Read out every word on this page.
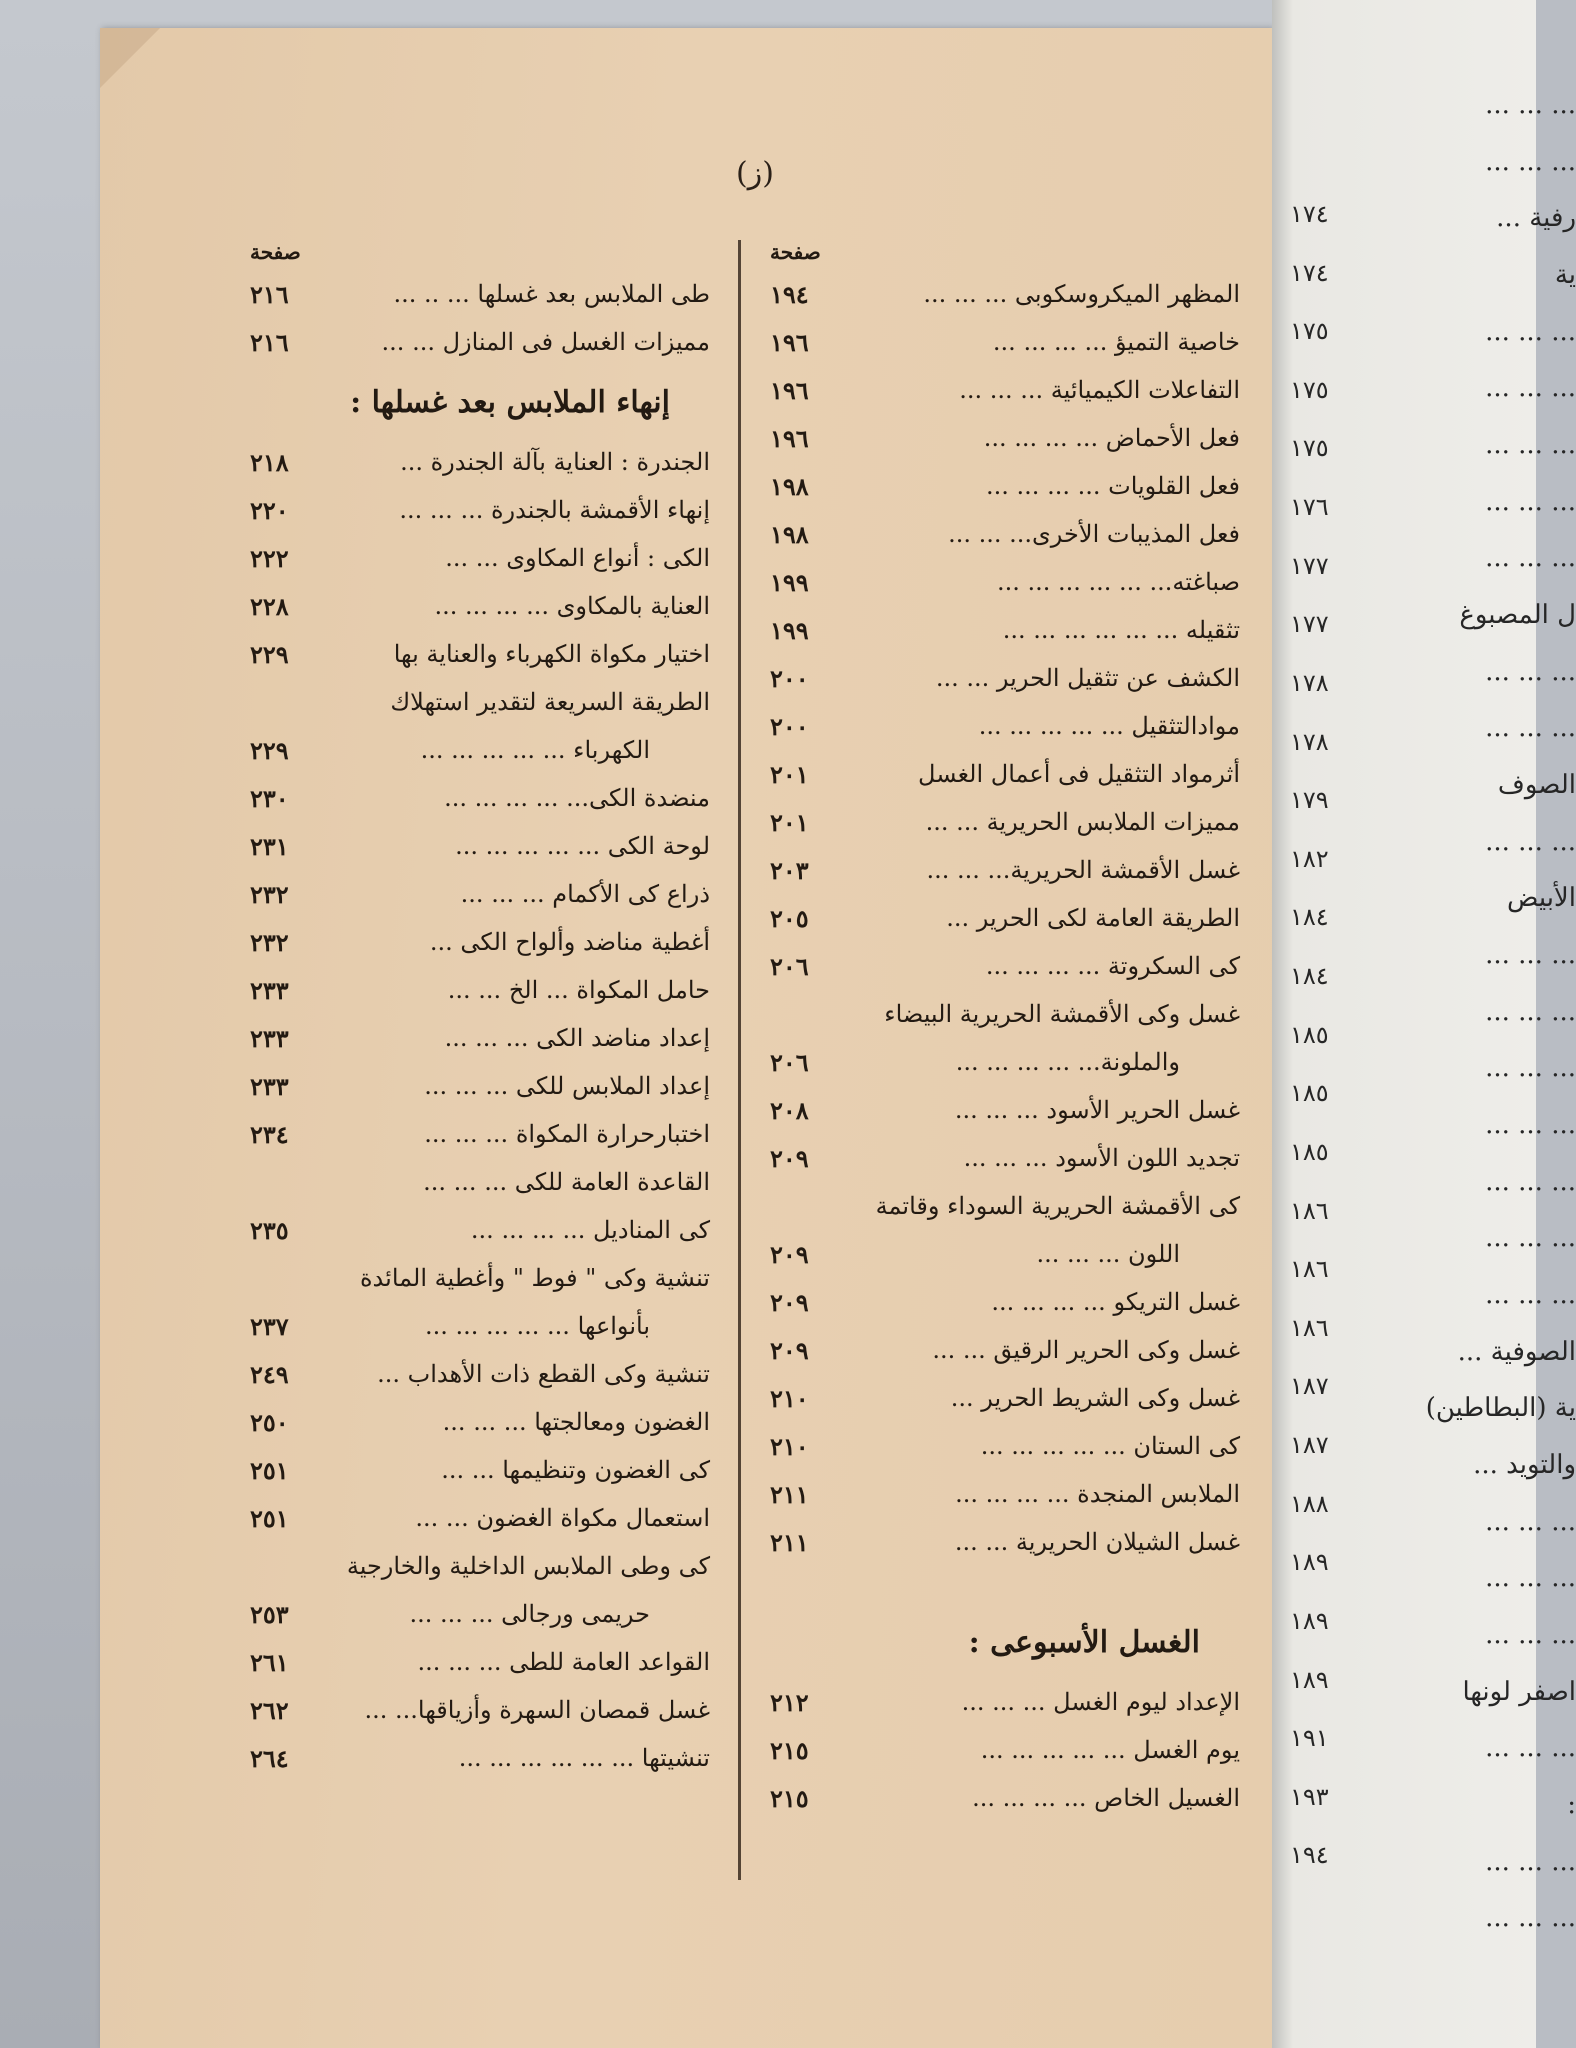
(ز)
صفحة
المظهر الميكروسكوبى ... ... ...
١٩٤
خاصية التميؤ ... ... ... ...
١٩٦
التفاعلات الكيميائية ... ... ...
١٩٦
فعل الأحماض ... ... ... ...
١٩٦
فعل القلويات ... ... ... ...
١٩٨
فعل المذيبات الأخرى... ... ...
١٩٨
صباغته... ... ... ... ... ...
١٩٩
تثقيله ... ... ... ... ... ...
١٩٩
الكشف عن تثقيل الحرير ... ...
٢٠٠
موادالتثقيل ... ... ... ... ...
٢٠٠
أثرمواد التثقيل فى أعمال الغسل
٢٠١
مميزات الملابس الحريرية ... ...
٢٠١
غسل الأقمشة الحريرية... ... ...
٢٠٣
الطريقة العامة لكى الحرير ...
٢٠٥
كى السكروتة ... ... ... ...
٢٠٦
غسل وكى الأقمشة الحريرية البيضاء
والملونة... ... ... ... ...
٢٠٦
غسل الحرير الأسود ... ... ...
٢٠٨
تجديد اللون الأسود ... ... ...
٢٠٩
كى الأقمشة الحريرية السوداء وقاتمة
اللون ... ... ...
٢٠٩
غسل التريكو ... ... ... ...
٢٠٩
غسل وكى الحرير الرقيق ... ...
٢٠٩
غسل وكى الشريط الحرير ...
٢١٠
كى الستان ... ... ... ... ...
٢١٠
الملابس المنجدة ... ... ... ...
٢١١
غسل الشيلان الحريرية ... ...
٢١١
الغسل الأسبوعى :
الإعداد ليوم الغسل ... ... ...
٢١٢
يوم الغسل ... ... ... ... ...
٢١٥
الغسيل الخاص ... ... ... ...
٢١٥
صفحة
طى الملابس بعد غسلها ... .. ...
٢١٦
مميزات الغسل فى المنازل ... ...
٢١٦
إنهاء الملابس بعد غسلها :
الجندرة : العناية بآلة الجندرة ...
٢١٨
إنهاء الأقمشة بالجندرة ... ... ...
٢٢٠
الكى : أنواع المكاوى ... ...
٢٢٢
العناية بالمكاوى ... ... ... ...
٢٢٨
اختيار مكواة الكهرباء والعناية بها
٢٢٩
الطريقة السريعة لتقدير استهلاك
الكهرباء ... ... ... ... ...
٢٢٩
منضدة الكى... ... ... ... ...
٢٣٠
لوحة الكى ... ... ... ... ...
٢٣١
ذراع كى الأكمام ... ... ...
٢٣٢
أغطية مناضد وألواح الكى ...
٢٣٢
حامل المكواة ... الخ ... ...
٢٣٣
إعداد مناضد الكى ... ... ...
٢٣٣
إعداد الملابس للكى ... ... ...
٢٣٣
اختبارحرارة المكواة ... ... ...
٢٣٤
القاعدة العامة للكى ... ... ...
كى المناديل ... ... ... ...
٢٣٥
تنشية وكى " فوط " وأغطية المائدة
بأنواعها ... ... ... ... ...
٢٣٧
تنشية وكى القطع ذات الأهداب ...
٢٤٩
الغضون ومعالجتها ... ... ...
٢٥٠
كى الغضون وتنظيمها ... ...
٢٥١
استعمال مكواة الغضون ... ...
٢٥١
كى وطى الملابس الداخلية والخارجية
حريمى ورجالى ... ... ...
٢٥٣
القواعد العامة للطى ... ... ...
٢٦١
غسل قمصان السهرة وأزياقها... ...
٢٦٢
تنشيتها ... ... ... ... ... ...
٢٦٤
... ... ...
... ... ...
رفية ...
ية
... ... ...
... ... ...
... ... ...
... ... ...
... ... ...
ل المصبوغ
... ... ...
... ... ...
الصوف
... ... ...
الأبيض
... ... ...
... ... ...
... ... ...
... ... ...
... ... ...
... ... ...
... ... ...
الصوفية ...
ية (البطاطين)
والتويد ...
... ... ...
... ... ...
... ... ...
اصفر لونها
... ... ...
:
... ... ...
... ... ...
١٧٤
١٧٤
١٧٥
١٧٥
١٧٥
١٧٦
١٧٧
١٧٧
١٧٨
١٧٨
١٧٩
١٨٢
١٨٤
١٨٤
١٨٥
١٨٥
١٨٥
١٨٦
١٨٦
١٨٦
١٨٧
١٨٧
١٨٨
١٨٩
١٨٩
١٨٩
١٩١
١٩٣
١٩٤
